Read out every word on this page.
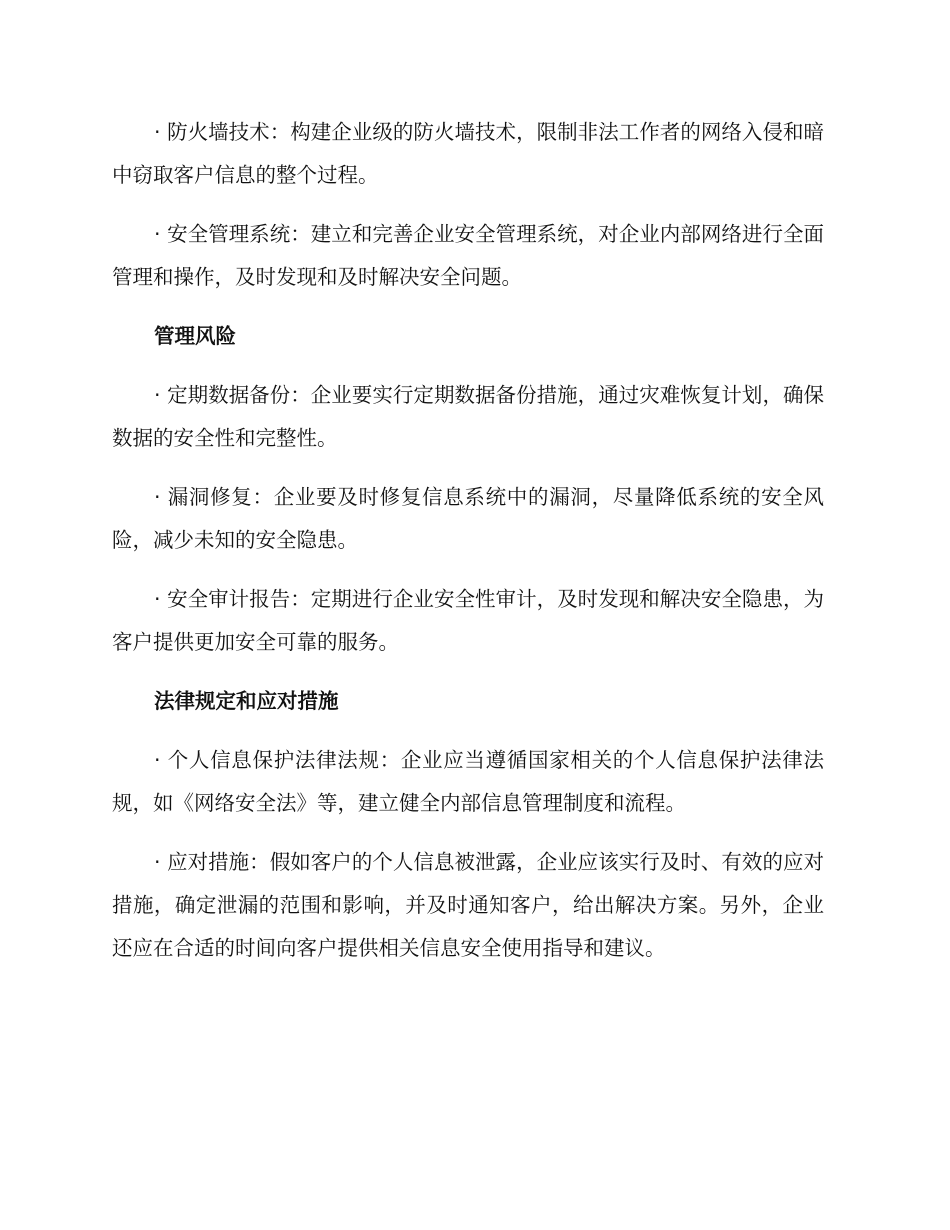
· 防火墙技术：构建企业级的防火墙技术，限制非法工作者的网络入侵和暗中窃取客户信息的整个过程。

· 安全管理系统：建立和完善企业安全管理系统，对企业内部网络进行全面管理和操作，及时发现和及时解决安全问题。

管理风险

· 定期数据备份：企业要实行定期数据备份措施，通过灾难恢复计划，确保数据的安全性和完整性。

· 漏洞修复：企业要及时修复信息系统中的漏洞，尽量降低系统的安全风险，减少未知的安全隐患。

· 安全审计报告：定期进行企业安全性审计，及时发现和解决安全隐患，为客户提供更加安全可靠的服务。

法律规定和应对措施

· 个人信息保护法律法规：企业应当遵循国家相关的个人信息保护法律法规，如《网络安全法》等，建立健全内部信息管理制度和流程。

· 应对措施：假如客户的个人信息被泄露，企业应该实行及时、有效的应对措施，确定泄漏的范围和影响，并及时通知客户，给出解决方案。另外，企业还应在合适的时间向客户提供相关信息安全使用指导和建议。
